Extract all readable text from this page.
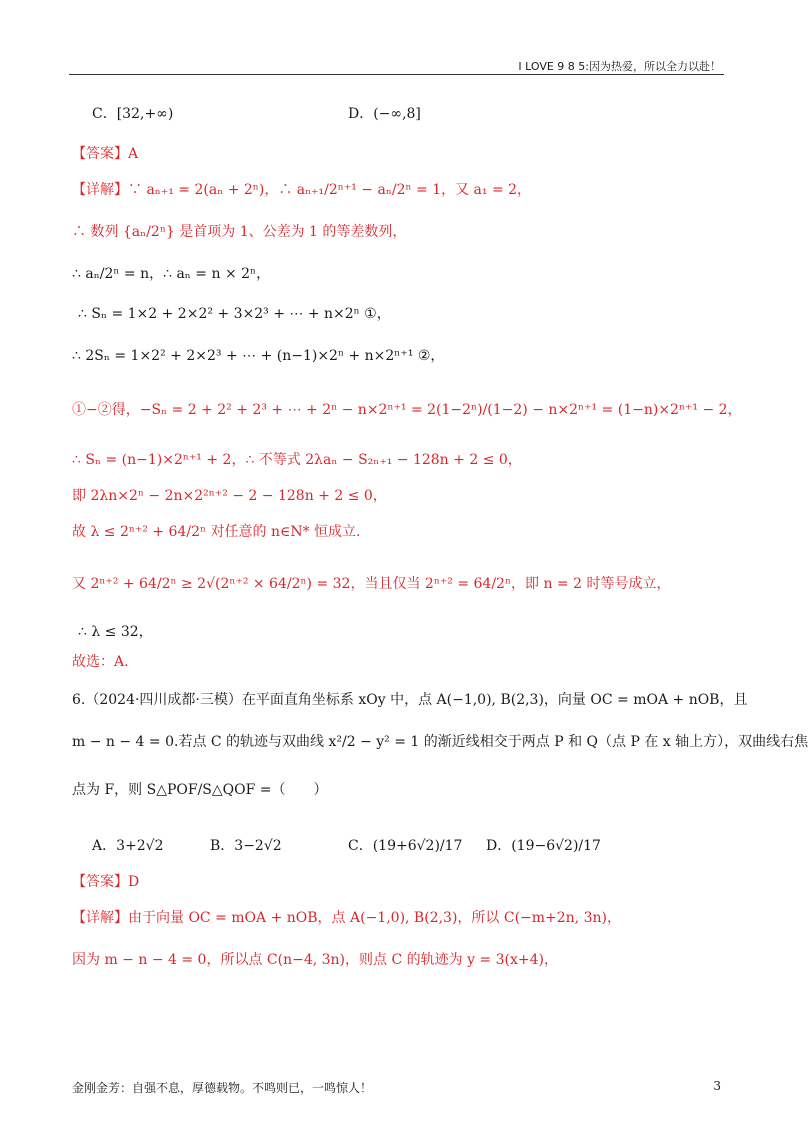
I LOVE 9 8 5:因为热爱，所以全力以赴！
C．[32,+∞)	D．(−∞,8]
【答案】A
【详解】∵ aₙ₊₁ = 2(aₙ + 2ⁿ)，∴ aₙ₊₁/2ⁿ⁺¹ − aₙ/2ⁿ = 1，又 a₁ = 2，
∴ 数列 {aₙ/2ⁿ} 是首项为 1、公差为 1 的等差数列，
∴ aₙ/2ⁿ = n，∴ aₙ = n × 2ⁿ，
∴ Sₙ = 1×2 + 2×2² + 3×2³ + ⋯ + n×2ⁿ ①，
∴ 2Sₙ = 1×2² + 2×2³ + ⋯ + (n−1)×2ⁿ + n×2ⁿ⁺¹ ②，
①−②得，−Sₙ = 2 + 2² + 2³ + ⋯ + 2ⁿ − n×2ⁿ⁺¹ = 2(1−2ⁿ)/(1−2) − n×2ⁿ⁺¹ = (1−n)×2ⁿ⁺¹ − 2，
∴ Sₙ = (n−1)×2ⁿ⁺¹ + 2，∴ 不等式 2λaₙ − S₂ₙ₊₁ − 128n + 2 ≤ 0，
即 2λn×2ⁿ − 2n×2²ⁿ⁺² − 2 − 128n + 2 ≤ 0，
故 λ ≤ 2ⁿ⁺² + 64/2ⁿ 对任意的 n∈N* 恒成立.
又 2ⁿ⁺² + 64/2ⁿ ≥ 2√(2ⁿ⁺² × 64/2ⁿ) = 32，当且仅当 2ⁿ⁺² = 64/2ⁿ，即 n = 2 时等号成立，
∴ λ ≤ 32，
故选：A.
6.（2024·四川成都·三模）在平面直角坐标系 xOy 中，点 A(−1,0), B(2,3)，向量 OC = mOA + nOB，且
m − n − 4 = 0.若点 C 的轨迹与双曲线 x²/2 − y² = 1 的渐近线相交于两点 P 和 Q（点 P 在 x 轴上方），双曲线右焦
点为 F，则 S△POF/S△QOF =（　　）
A．3+2√2	B．3−2√2	C．(19+6√2)/17 D．(19−6√2)/17
【答案】D
【详解】由于向量 OC = mOA + nOB，点 A(−1,0), B(2,3)，所以 C(−m+2n, 3n)，
因为 m − n − 4 = 0，所以点 C(n−4, 3n)，则点 C 的轨迹为 y = 3(x+4)，
金刚金芳：自强不息，厚德载物。不鸣则已，一鸣惊人！	3
